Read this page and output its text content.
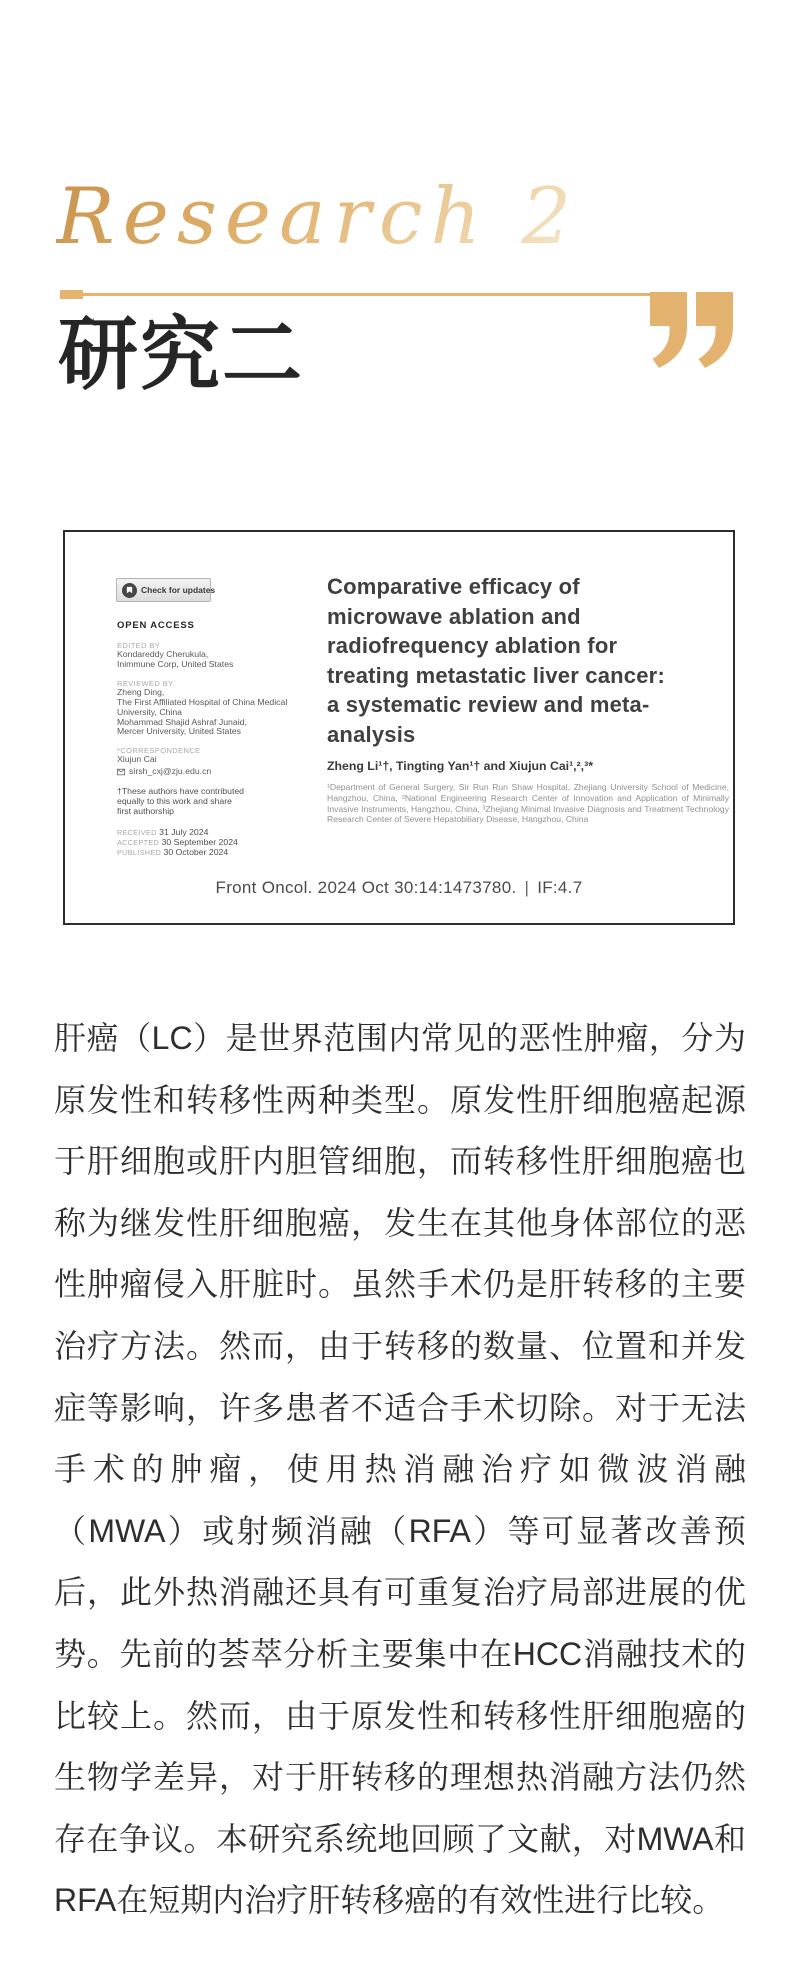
Research 2
研究二
Check for updates
OPEN ACCESS
EDITED BY
Kondareddy Cherukula,
Inimmune Corp, United States
REVIEWED BY
Zheng Ding,
The First Affiliated Hospital of China Medical
University, China
Mohammad Shajid Ashraf Junaid,
Mercer University, United States
*CORRESPONDENCE
Xiujun Cai
sirsh_cxj@zju.edu.cn
†These authors have contributed
equally to this work and share
first authorship
RECEIVED 31 July 2024
ACCEPTED 30 September 2024
PUBLISHED 30 October 2024
Comparative efficacy of microwave ablation and radiofrequency ablation for treating metastatic liver cancer: a systematic review and meta-analysis
Zheng Li¹†, Tingting Yan¹† and Xiujun Cai¹,²,³*
¹Department of General Surgery, Sir Run Run Shaw Hospital, Zhejiang University School of Medicine, Hangzhou, China, ²National Engineering Research Center of Innovation and Application of Minimally Invasive Instruments, Hangzhou, China, ³Zhejiang Minimal Invasive Diagnosis and Treatment Technology Research Center of Severe Hepatobiliary Disease, Hangzhou, China
Front Oncol. 2024 Oct 30:14:1473780. | IF:4.7
肝癌（LC）是世界范围内常见的恶性肿瘤，分为原发性和转移性两种类型。原发性肝细胞癌起源于肝细胞或肝内胆管细胞，而转移性肝细胞癌也称为继发性肝细胞癌，发生在其他身体部位的恶性肿瘤侵入肝脏时。虽然手术仍是肝转移的主要治疗方法。然而，由于转移的数量、位置和并发症等影响，许多患者不适合手术切除。对于无法手术的肿瘤，使用热消融治疗如微波消融（MWA）或射频消融（RFA）等可显著改善预后，此外热消融还具有可重复治疗局部进展的优势。先前的荟萃分析主要集中在HCC消融技术的比较上。然而，由于原发性和转移性肝细胞癌的生物学差异，对于肝转移的理想热消融方法仍然存在争议。本研究系统地回顾了文献，对MWA和RFA在短期内治疗肝转移癌的有效性进行比较。
